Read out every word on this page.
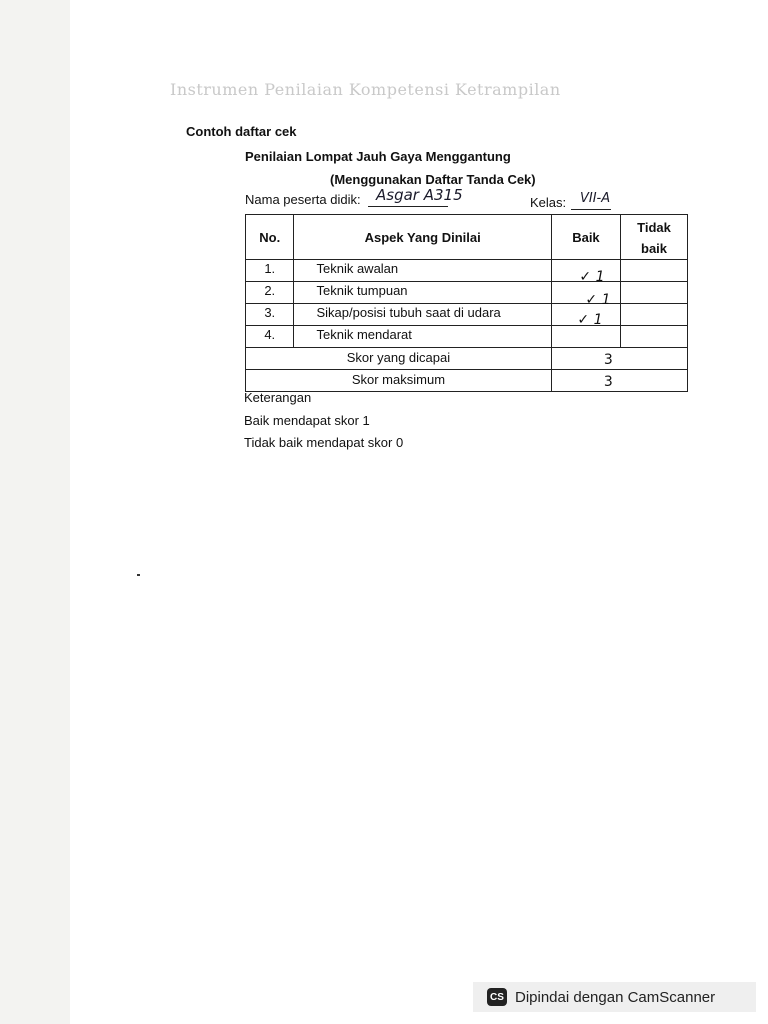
Instrumen Penilaian Kompetensi Ketrampilan
Contoh daftar cek
Penilaian Lompat Jauh Gaya Menggantung
(Menggunakan Daftar Tanda Cek)
Nama peserta didik: Asgar A315	Kelas: VII-A
No.	Aspek Yang Dinilai	Baik	Tidak
baik
1.	Teknik awalan	✓ 1	
2.	Teknik tumpuan	✓ 1	
3.	Sikap/posisi tubuh saat di udara	✓ 1	
4.	Teknik mendarat		
Skor yang dicapai		3	
Skor maksimum		3	
Keterangan
Baik mendapat skor 1
Tidak baik mendapat skor 0
CS Dipindai dengan CamScanner
